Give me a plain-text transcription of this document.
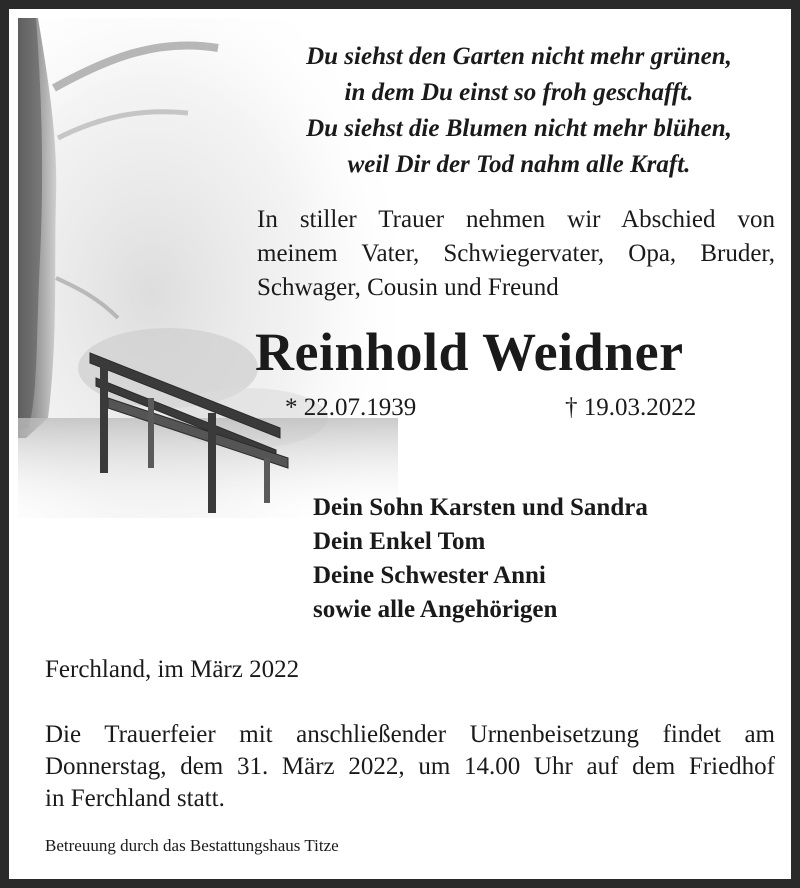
Du siehst den Garten nicht mehr grünen,
in dem Du einst so froh geschafft.
Du siehst die Blumen nicht mehr blühen,
weil Dir der Tod nahm alle Kraft.
In stiller Trauer nehmen wir Abschied von
meinem Vater, Schwiegervater, Opa, Bruder,
Schwager, Cousin und Freund
Reinhold Weidner
* 22.07.1939	† 19.03.2022
Dein Sohn Karsten und Sandra
Dein Enkel Tom
Deine Schwester Anni
sowie alle Angehörigen
Ferchland, im März 2022
Die Trauerfeier mit anschließender Urnenbeisetzung findet am
Donnerstag, dem 31. März 2022, um 14.00 Uhr auf dem Friedhof
in Ferchland statt.
Betreuung durch das Bestattungshaus Titze
